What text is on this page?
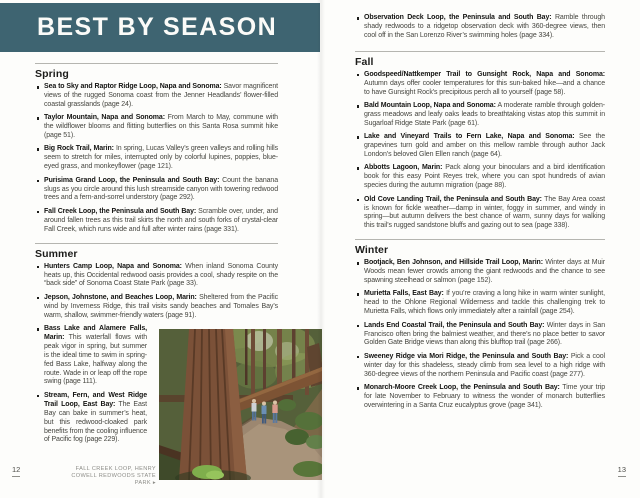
BEST BY SEASON
Spring
Sea to Sky and Raptor Ridge Loop, Napa and Sonoma: Savor magnificent views of the rugged Sonoma coast from the Jenner Headlands’ flower-filled coastal grasslands (page 24).
Taylor Mountain, Napa and Sonoma: From March to May, commune with the wildflower blooms and flitting butterflies on this Santa Rosa summit hike (page 51).
Big Rock Trail, Marin: In spring, Lucas Valley’s green valleys and rolling hills seem to stretch for miles, interrupted only by colorful lupines, poppies, blue-eyed grass, and monkeyflower (page 121).
Purisima Grand Loop, the Peninsula and South Bay: Count the banana slugs as you circle around this lush streamside canyon with towering redwood trees and a fern-and-sorrel understory (page 292).
Fall Creek Loop, the Peninsula and South Bay: Scramble over, under, and around fallen trees as this trail skirts the north and south forks of crystal-clear Fall Creek, which runs wide and full after winter rains (page 331).
Summer
Hunters Camp Loop, Napa and Sonoma: When inland Sonoma County heats up, this Occidental redwood oasis provides a cool, shady respite on the “back side” of Sonoma Coast State Park (page 33).
Jepson, Johnstone, and Beaches Loop, Marin: Sheltered from the Pacific wind by Inverness Ridge, this trail visits sandy beaches and Tomales Bay’s warm, shallow, swimmer-friendly waters (page 91).
Bass Lake and Alamere Falls, Marin: This waterfall flows with peak vigor in spring, but summer is the ideal time to swim in spring-fed Bass Lake, halfway along the route. Wade in or leap off the rope swing (page 111).
Stream, Fern, and West Ridge Trail Loop, East Bay: The East Bay can bake in summer’s heat, but this redwood-cloaked park benefits from the cooling influence of Pacific fog (page 229).
FALL CREEK LOOP, HENRY COWELL REDWOODS STATE PARK ▸
12
Observation Deck Loop, the Peninsula and South Bay: Ramble through shady redwoods to a ridgetop observation deck with 360-degree views, then cool off in the San Lorenzo River’s swimming holes (page 334).
Fall
Goodspeed/Nattkemper Trail to Gunsight Rock, Napa and Sonoma: Autumn days offer cooler temperatures for this sun-baked hike—and a chance to have Gunsight Rock’s precipitous perch all to yourself (page 58).
Bald Mountain Loop, Napa and Sonoma: A moderate ramble through golden-grass meadows and leafy oaks leads to breathtaking vistas atop this summit in Sugarloaf Ridge State Park (page 61).
Lake and Vineyard Trails to Fern Lake, Napa and Sonoma: See the grapevines turn gold and amber on this mellow ramble through author Jack London’s beloved Glen Ellen ranch (page 64).
Abbotts Lagoon, Marin: Pack along your binoculars and a bird identification book for this easy Point Reyes trek, where you can spot hundreds of avian species during the autumn migration (page 88).
Old Cove Landing Trail, the Peninsula and South Bay: The Bay Area coast is known for fickle weather—damp in winter, foggy in summer, and windy in spring—but autumn delivers the best chance of warm, sunny days for walking this trail’s rugged sandstone bluffs and gazing out to sea (page 338).
Winter
Bootjack, Ben Johnson, and Hillside Trail Loop, Marin: Winter days at Muir Woods mean fewer crowds among the giant redwoods and the chance to see spawning steelhead or salmon (page 152).
Murietta Falls, East Bay: If you’re craving a long hike in warm winter sunlight, head to the Ohlone Regional Wilderness and tackle this challenging trek to Murietta Falls, which flows only immediately after a rainfall (page 254).
Lands End Coastal Trail, the Peninsula and South Bay: Winter days in San Francisco often bring the balmiest weather, and there’s no place better to savor Golden Gate Bridge views than along this blufftop trail (page 266).
Sweeney Ridge via Mori Ridge, the Peninsula and South Bay: Pick a cool winter day for this shadeless, steady climb from sea level to a high ridge with 360-degree views of the northern Peninsula and Pacific coast (page 277).
Monarch-Moore Creek Loop, the Peninsula and South Bay: Time your trip for late November to February to witness the wonder of monarch butterflies overwintering in a Santa Cruz eucalyptus grove (page 341).
13
